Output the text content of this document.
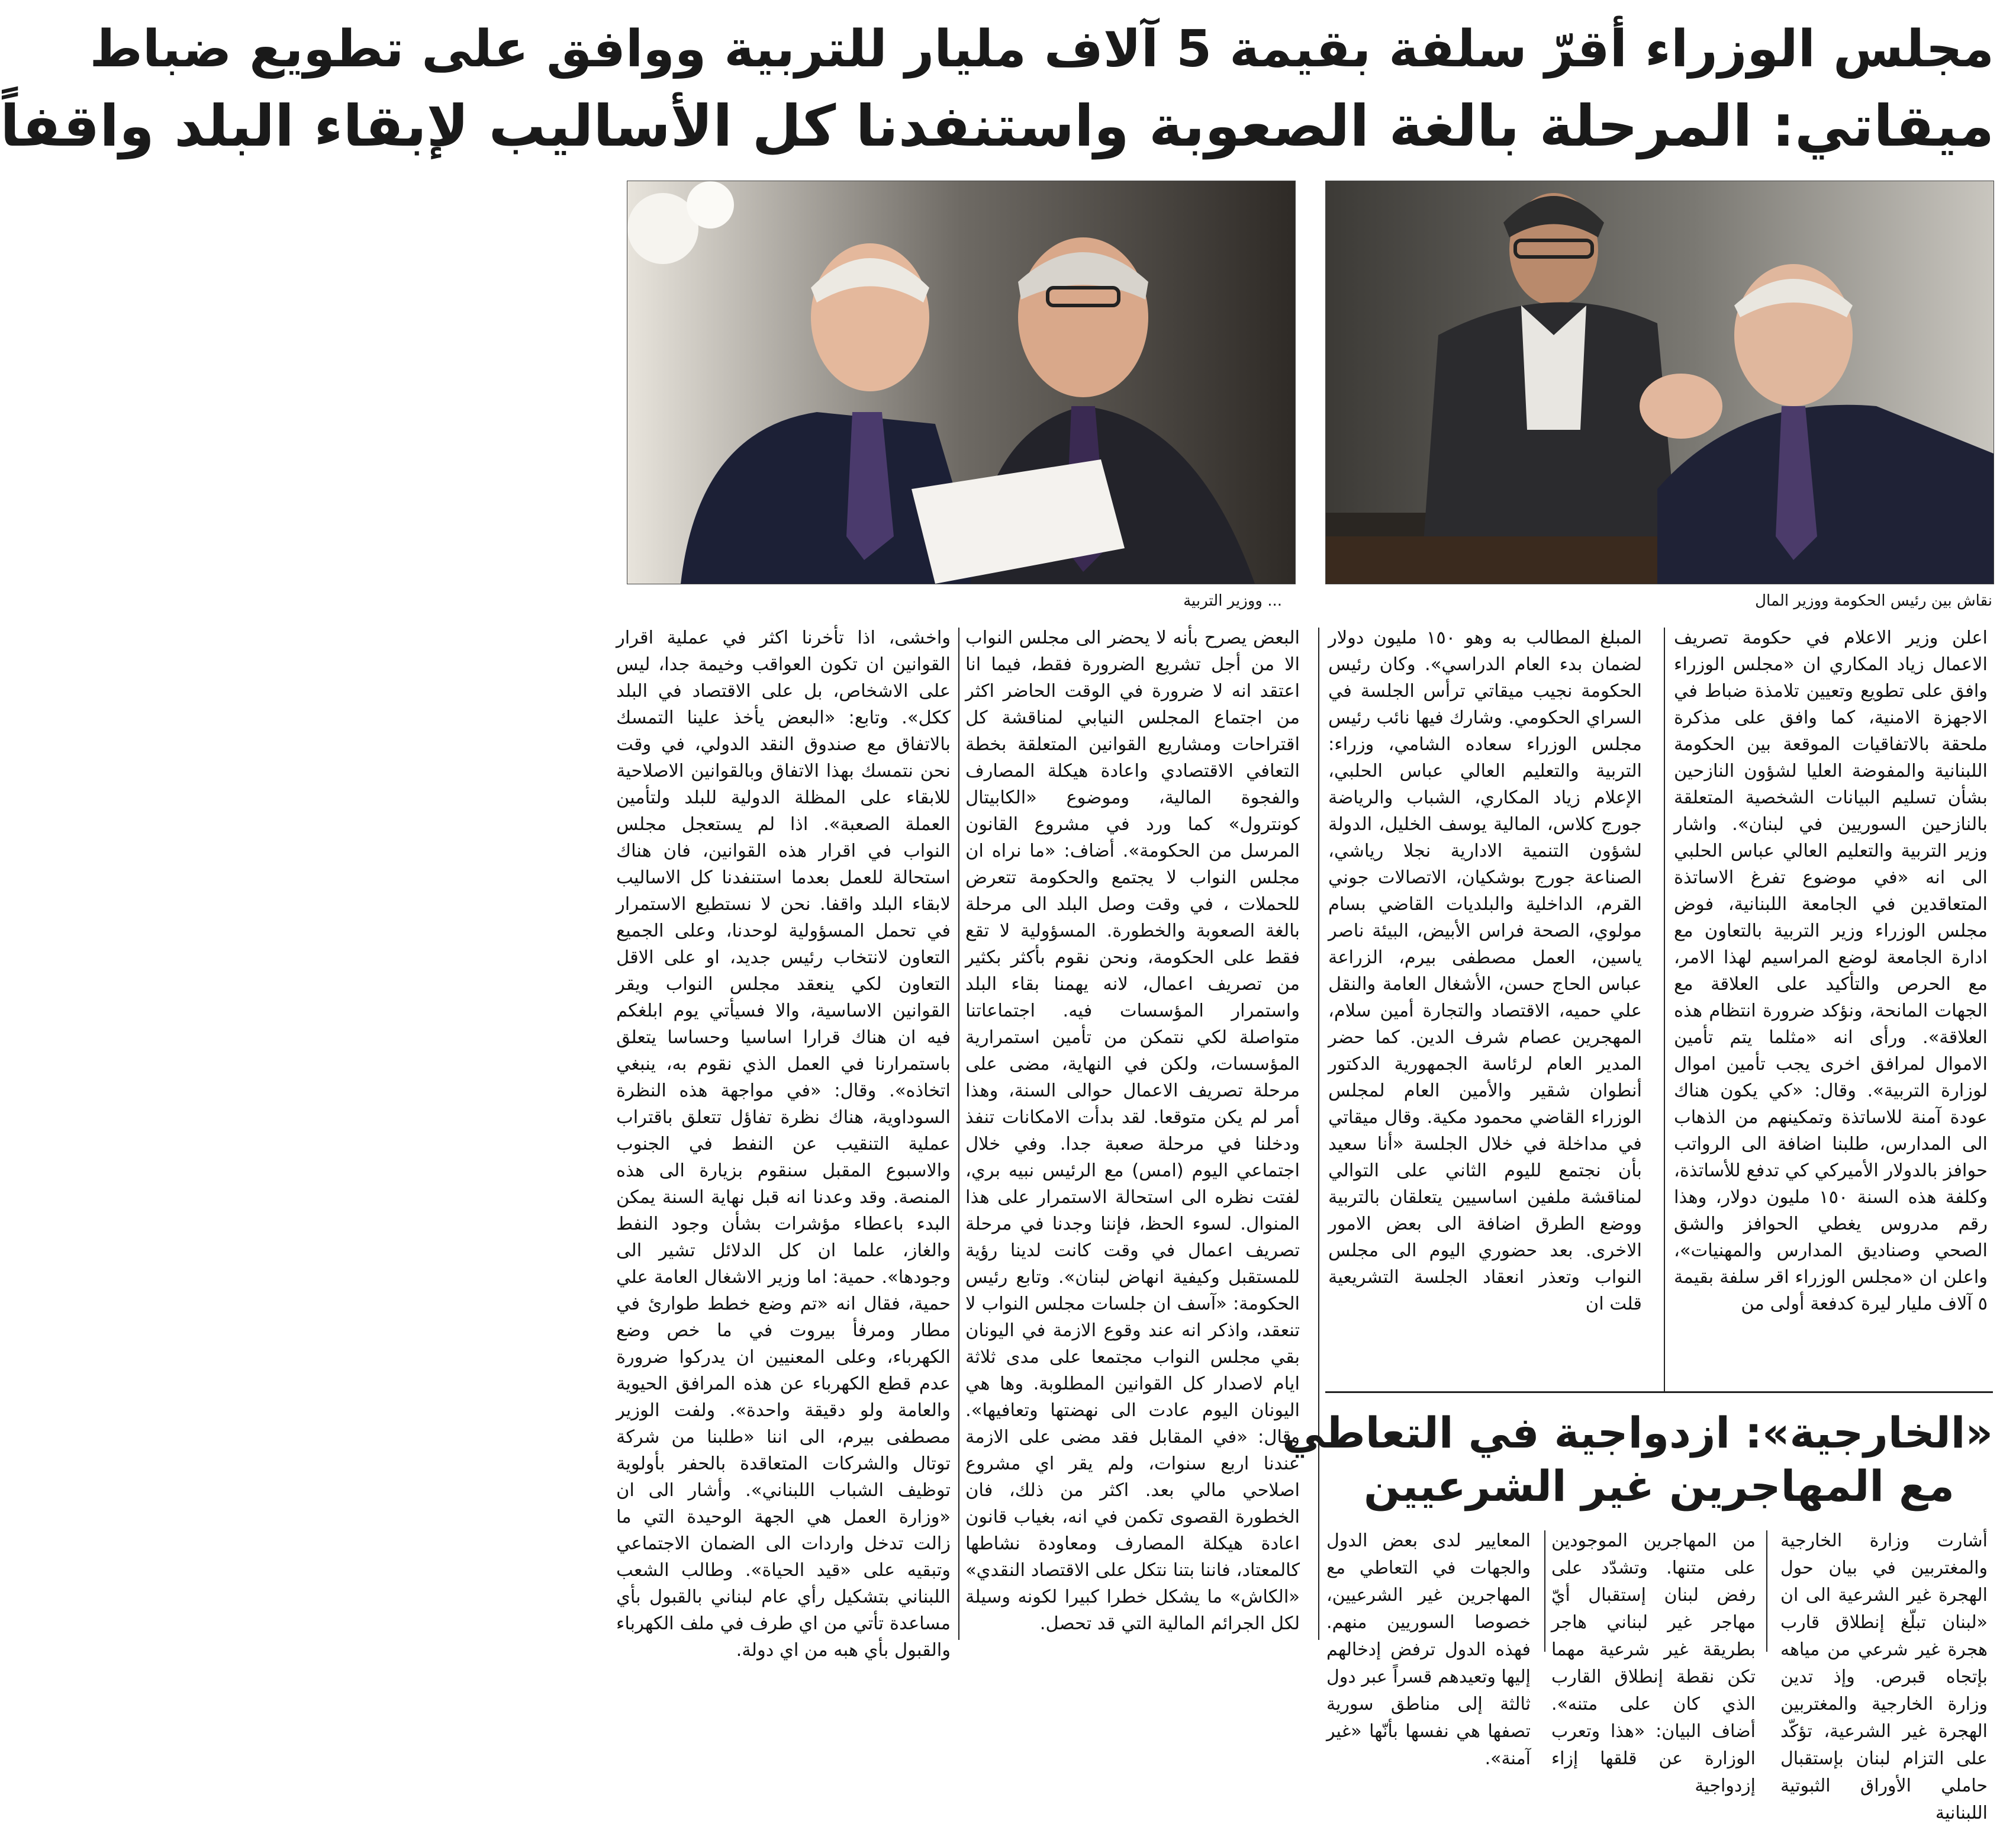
مجلس الوزراء أقرّ سلفة بقيمة 5 آلاف مليار للتربية ووافق على تطويع ضباط
ميقاتي: المرحلة بالغة الصعوبة واستنفدنا كل الأساليب لإبقاء البلد واقفاً
نقاش بين رئيس الحكومة ووزير المال
... ووزير التربية

اعلن وزير الاعلام في حكومة تصريف الاعمال زياد المكاري ان «مجلس الوزراء وافق على تطويع وتعيين تلامذة ضباط في الاجهزة الامنية، كما وافق على مذكرة ملحقة بالاتفاقيات الموقعة بين الحكومة اللبنانية والمفوضة العليا لشؤون النازحين بشأن تسليم البيانات الشخصية المتعلقة بالنازحين السوريين في لبنان». واشار وزير التربية والتعليم العالي عباس الحلبي الى انه «في موضوع تفرغ الاساتذة المتعاقدين في الجامعة اللبنانية، فوض مجلس الوزراء وزير التربية بالتعاون مع ادارة الجامعة لوضع المراسيم لهذا الامر، مع الحرص والتأكيد على العلاقة مع الجهات المانحة، ونؤكد ضرورة انتظام هذه العلاقة». ورأى انه «مثلما يتم تأمين الاموال لمرافق اخرى يجب تأمين اموال لوزارة التربية». وقال: «كي يكون هناك عودة آمنة للاساتذة وتمكينهم من الذهاب الى المدارس، طلبنا اضافة الى الرواتب حوافز بالدولار الأميركي كي تدفع للأساتذة، وكلفة هذه السنة ١٥٠ مليون دولار، وهذا رقم مدروس يغطي الحوافز والشق الصحي وصناديق المدارس والمهنيات»، واعلن ان «مجلس الوزراء اقر سلفة بقيمة ٥ آلاف مليار ليرة كدفعة أولى من

المبلغ المطالب به وهو ١٥٠ مليون دولار لضمان بدء العام الدراسي». وكان رئيس الحكومة نجيب ميقاتي ترأس الجلسة في السراي الحكومي. وشارك فيها نائب رئيس مجلس الوزراء سعاده الشامي، وزراء: التربية والتعليم العالي عباس الحلبي، الإعلام زياد المكاري، الشباب والرياضة جورج كلاس، المالية يوسف الخليل، الدولة لشؤون التنمية الادارية نجلا رياشي، الصناعة جورج بوشكيان، الاتصالات جوني القرم، الداخلية والبلديات القاضي بسام مولوي، الصحة فراس الأبيض، البيئة ناصر ياسين، العمل مصطفى بيرم، الزراعة عباس الحاج حسن، الأشغال العامة والنقل علي حميه، الاقتصاد والتجارة أمين سلام، المهجرين عصام شرف الدين. كما حضر المدير العام لرئاسة الجمهورية الدكتور أنطوان شقير والأمين العام لمجلس الوزراء القاضي محمود مكية. وقال ميقاتي في مداخلة في خلال الجلسة «أنا سعيد بأن نجتمع لليوم الثاني على التوالي لمناقشة ملفين اساسيين يتعلقان بالتربية ووضع الطرق اضافة الى بعض الامور الاخرى. بعد حضوري اليوم الى مجلس النواب وتعذر انعقاد الجلسة التشريعية قلت ان

البعض يصرح بأنه لا يحضر الى مجلس النواب الا من أجل تشريع الضرورة فقط، فيما انا اعتقد انه لا ضرورة في الوقت الحاضر اكثر من اجتماع المجلس النيابي لمناقشة كل اقتراحات ومشاريع القوانين المتعلقة بخطة التعافي الاقتصادي واعادة هيكلة المصارف والفجوة المالية، وموضوع «الكابيتال كونترول» كما ورد في مشروع القانون المرسل من الحكومة». أضاف: «ما نراه ان مجلس النواب لا يجتمع والحكومة تتعرض للحملات ، في وقت وصل البلد الى مرحلة بالغة الصعوبة والخطورة. المسؤولية لا تقع فقط على الحكومة، ونحن نقوم بأكثر بكثير من تصريف اعمال، لانه يهمنا بقاء البلد واستمرار المؤسسات فيه. اجتماعاتنا متواصلة لكي نتمكن من تأمين استمرارية المؤسسات، ولكن في النهاية، مضى على مرحلة تصريف الاعمال حوالى السنة، وهذا أمر لم يكن متوقعا. لقد بدأت الامكانات تنفذ ودخلنا في مرحلة صعبة جدا. وفي خلال اجتماعي اليوم (امس) مع الرئيس نبيه بري، لفتت نظره الى استحالة الاستمرار على هذا المنوال. لسوء الحظ، فإننا وجدنا في مرحلة تصريف اعمال في وقت كانت لدينا رؤية للمستقبل وكيفية انهاض لبنان». وتابع رئيس الحكومة: «آسف ان جلسات مجلس النواب لا تنعقد، واذكر انه عند وقوع الازمة في اليونان بقي مجلس النواب مجتمعا على مدى ثلاثة ايام لاصدار كل القوانين المطلوبة. وها هي اليونان اليوم عادت الى نهضتها وتعافيها». وقال: «في المقابل فقد مضى على الازمة عندنا اربع سنوات، ولم يقر اي مشروع اصلاحي مالي بعد. اكثر من ذلك، فان الخطورة القصوى تكمن في انه، بغياب قانون اعادة هيكلة المصارف ومعاودة نشاطها كالمعتاد، فاننا بتنا نتكل على الاقتصاد النقدي» «الكاش» ما يشكل خطرا كبيرا لكونه وسيلة لكل الجرائم المالية التي قد تحصل.

واخشى، اذا تأخرنا اكثر في عملية اقرار القوانين ان تكون العواقب وخيمة جدا، ليس على الاشخاص، بل على الاقتصاد في البلد ككل». وتابع: «البعض يأخذ علينا التمسك بالاتفاق مع صندوق النقد الدولي، في وقت نحن نتمسك بهذا الاتفاق وبالقوانين الاصلاحية للابقاء على المظلة الدولية للبلد ولتأمين العملة الصعبة». اذا لم يستعجل مجلس النواب في اقرار هذه القوانين، فان هناك استحالة للعمل بعدما استنفدنا كل الاساليب لابقاء البلد واقفا. نحن لا نستطيع الاستمرار في تحمل المسؤولية لوحدنا، وعلى الجميع التعاون لانتخاب رئيس جديد، او على الاقل التعاون لكي ينعقد مجلس النواب ويقر القوانين الاساسية، والا فسيأتي يوم ابلغكم فيه ان هناك قرارا اساسيا وحساسا يتعلق باستمرارنا في العمل الذي نقوم به، ينبغي اتخاذه». وقال: «في مواجهة هذه النظرة السوداوية، هناك نظرة تفاؤل تتعلق باقتراب عملية التنقيب عن النفط في الجنوب والاسبوع المقبل سنقوم بزيارة الى هذه المنصة. وقد وعدنا انه قبل نهاية السنة يمكن البدء باعطاء مؤشرات بشأن وجود النفط والغاز، علما ان كل الدلائل تشير الى وجودها». حمية: اما وزير الاشغال العامة علي حمية، فقال انه «تم وضع خطط طوارئ في مطار ومرفأ بيروت في ما خص وضع الكهرباء، وعلى المعنيين ان يدركوا ضرورة عدم قطع الكهرباء عن هذه المرافق الحيوية والعامة ولو دقيقة واحدة». ولفت الوزير مصطفى بيرم، الى اننا «طلبنا من شركة توتال والشركات المتعاقدة بالحفر بأولوية توظيف الشباب اللبناني». وأشار الى ان «وزارة العمل هي الجهة الوحيدة التي ما زالت تدخل واردات الى الضمان الاجتماعي وتبقيه على «قيد الحياة». وطالب الشعب اللبناني بتشكيل رأي عام لبناني بالقبول بأي مساعدة تأتي من اي طرف في ملف الكهرباء والقبول بأي هبه من اي دولة.

«الخارجية»: ازدواجية في التعاطي
مع المهاجرين غير الشرعيين

أشارت وزارة الخارجية والمغتربين في بيان حول الهجرة غير الشرعية الى ان «لبنان تبلّغ إنطلاق قارب هجرة غير شرعي من مياهه بإتجاه قبرص. وإذ تدين وزارة الخارجية والمغتربين الهجرة غير الشرعية، تؤكّد على التزام لبنان بإستقبال حاملي الأوراق الثبوتية اللبنانية

من المهاجرين الموجودين على متنها. وتشدّد على رفض لبنان إستقبال أيّ مهاجر غير لبناني هاجر بطريقة غير شرعية مهما تكن نقطة إنطلاق القارب الذي كان على متنه». أضاف البيان: «هذا وتعرب الوزارة عن قلقها إزاء إزدواجية

المعايير لدى بعض الدول والجهات في التعاطي مع المهاجرين غير الشرعيين، خصوصا السوريين منهم. فهذه الدول ترفض إدخالهم إليها وتعيدهم قسراً عبر دول ثالثة إلى مناطق سورية تصفها هي نفسها بأنّها «غير آمنة».
